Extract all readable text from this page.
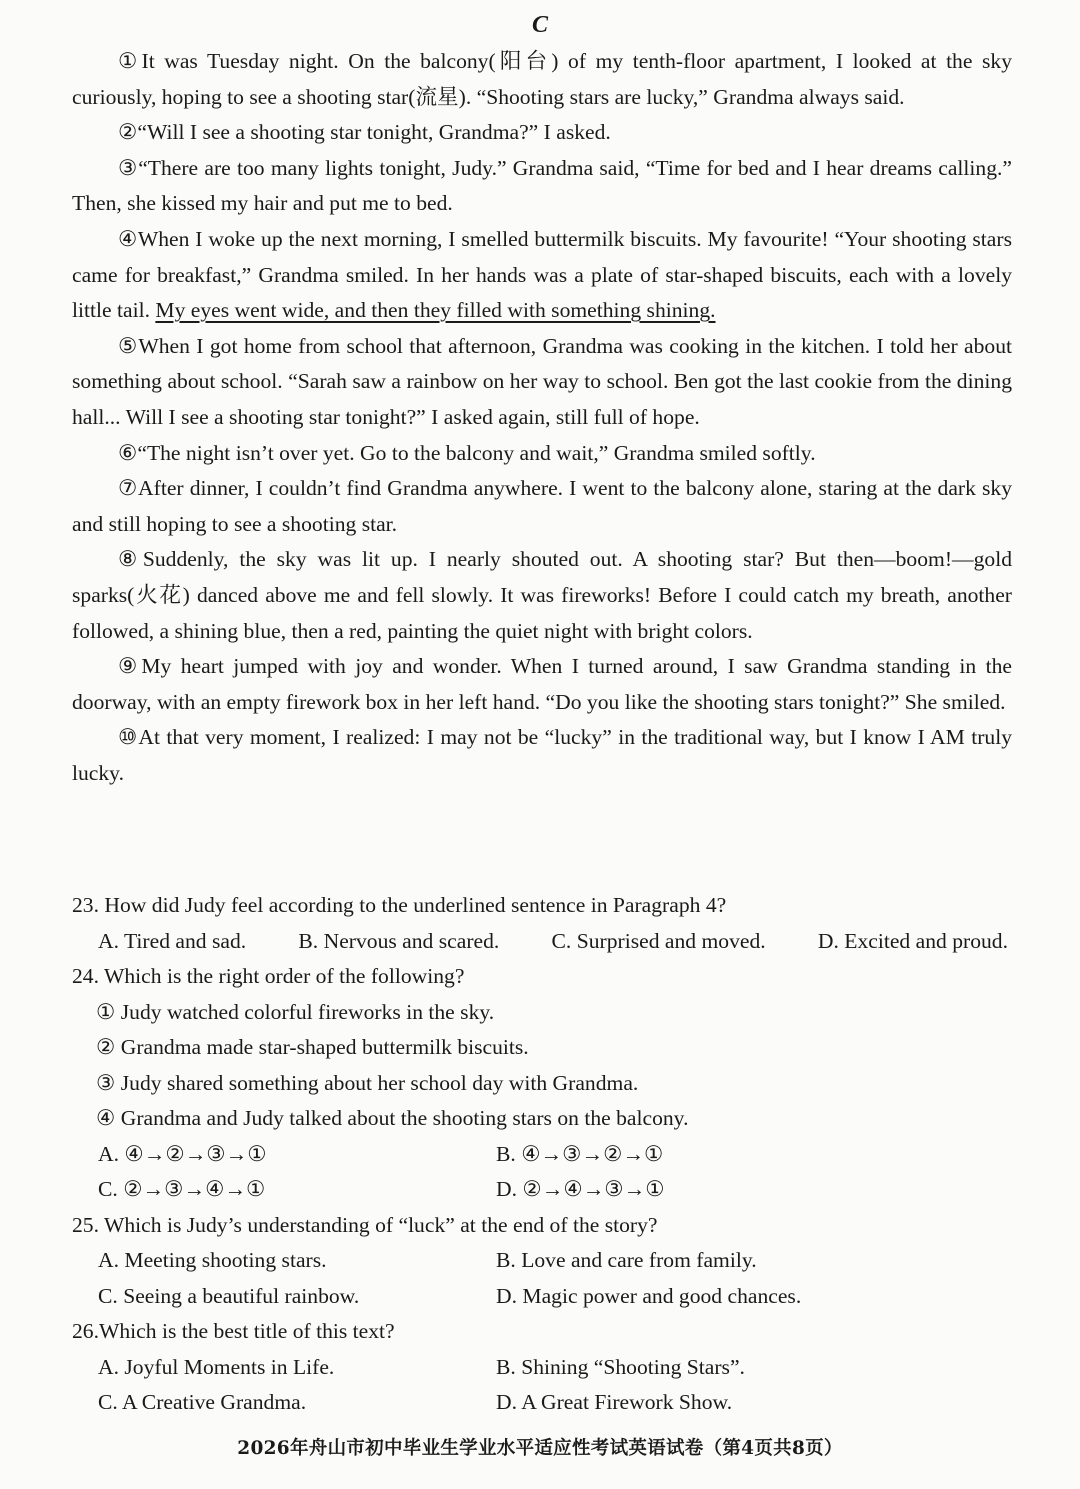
C

①It was Tuesday night. On the balcony(阳台) of my tenth-floor apartment, I looked at the sky curiously, hoping to see a shooting star(流星). “Shooting stars are lucky,” Grandma always said.

②“Will I see a shooting star tonight, Grandma?” I asked.

③“There are too many lights tonight, Judy.” Grandma said, “Time for bed and I hear dreams calling.” Then, she kissed my hair and put me to bed.

④When I woke up the next morning, I smelled buttermilk biscuits. My favourite! “Your shooting stars came for breakfast,” Grandma smiled. In her hands was a plate of star-shaped biscuits, each with a lovely little tail. My eyes went wide, and then they filled with something shining.

⑤When I got home from school that afternoon, Grandma was cooking in the kitchen. I told her about something about school. “Sarah saw a rainbow on her way to school. Ben got the last cookie from the dining hall... Will I see a shooting star tonight?” I asked again, still full of hope.

⑥“The night isn’t over yet. Go to the balcony and wait,” Grandma smiled softly.

⑦After dinner, I couldn’t find Grandma anywhere. I went to the balcony alone, staring at the dark sky and still hoping to see a shooting star.

⑧Suddenly, the sky was lit up. I nearly shouted out. A shooting star? But then—boom!—gold sparks(火花) danced above me and fell slowly. It was fireworks! Before I could catch my breath, another followed, a shining blue, then a red, painting the quiet night with bright colors.

⑨My heart jumped with joy and wonder. When I turned around, I saw Grandma standing in the doorway, with an empty firework box in her left hand. “Do you like the shooting stars tonight?” She smiled.

⑩At that very moment, I realized: I may not be “lucky” in the traditional way, but I know I AM truly lucky.

23. How did Judy feel according to the underlined sentence in Paragraph 4?

A. Tired and sad. B. Nervous and scared. C. Surprised and moved. D. Excited and proud.

24. Which is the right order of the following?

① Judy watched colorful fireworks in the sky.
② Grandma made star-shaped buttermilk biscuits.
③ Judy shared something about her school day with Grandma.
④ Grandma and Judy talked about the shooting stars on the balcony.
A. ④→②→③→①	B. ④→③→②→①
C. ②→③→④→①	D. ②→④→③→①

25. Which is Judy’s understanding of “luck” at the end of the story?

A. Meeting shooting stars.	B. Love and care from family.
C. Seeing a beautiful rainbow.	D. Magic power and good chances.

26.Which is the best title of this text?

A. Joyful Moments in Life.	B. Shining “Shooting Stars”.
C. A Creative Grandma.	D. A Great Firework Show.
2026年舟山市初中毕业生学业水平适应性考试英语试卷（第4页共8页）
